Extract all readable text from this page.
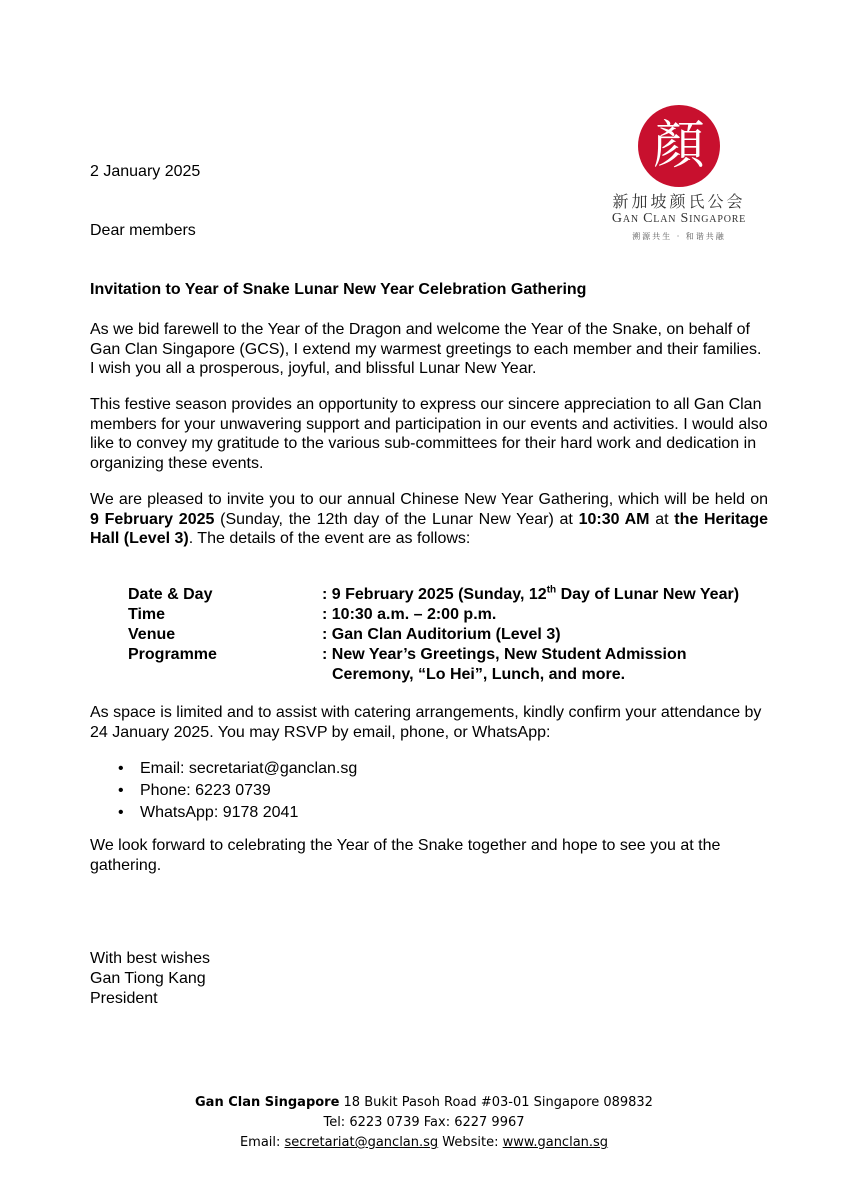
2 January 2025
Dear members
顏
新加坡颜氏公会
Gan Clan Singapore
溯源共生 · 和谐共融
Invitation to Year of Snake Lunar New Year Celebration Gathering
As we bid farewell to the Year of the Dragon and welcome the Year of the Snake, on behalf of Gan Clan Singapore (GCS), I extend my warmest greetings to each member and their families. I wish you all a prosperous, joyful, and blissful Lunar New Year.
This festive season provides an opportunity to express our sincere appreciation to all Gan Clan members for your unwavering support and participation in our events and activities. I would also like to convey my gratitude to the various sub-committees for their hard work and dedication in organizing these events.
We are pleased to invite you to our annual Chinese New Year Gathering, which will be held on 9 February 2025 (Sunday, the 12th day of the Lunar New Year) at 10:30 AM at the Heritage Hall (Level 3). The details of the event are as follows:
Date & Day	: 9 February 2025 (Sunday, 12th Day of Lunar New Year)
Time	: 10:30 a.m. – 2:00 p.m.
Venue	: Gan Clan Auditorium (Level 3)
Programme	: New Year’s Greetings, New Student Admission
Ceremony, “Lo Hei”, Lunch, and more.
As space is limited and to assist with catering arrangements, kindly confirm your attendance by 24 January 2025. You may RSVP by email, phone, or WhatsApp:
• Email: secretariat@ganclan.sg
• Phone: 6223 0739
• WhatsApp: 9178 2041
We look forward to celebrating the Year of the Snake together and hope to see you at the gathering.
With best wishes
Gan Tiong Kang
President
Gan Clan Singapore 18 Bukit Pasoh Road #03-01 Singapore 089832
Tel: 6223 0739 Fax: 6227 9967
Email: secretariat@ganclan.sg Website: www.ganclan.sg
